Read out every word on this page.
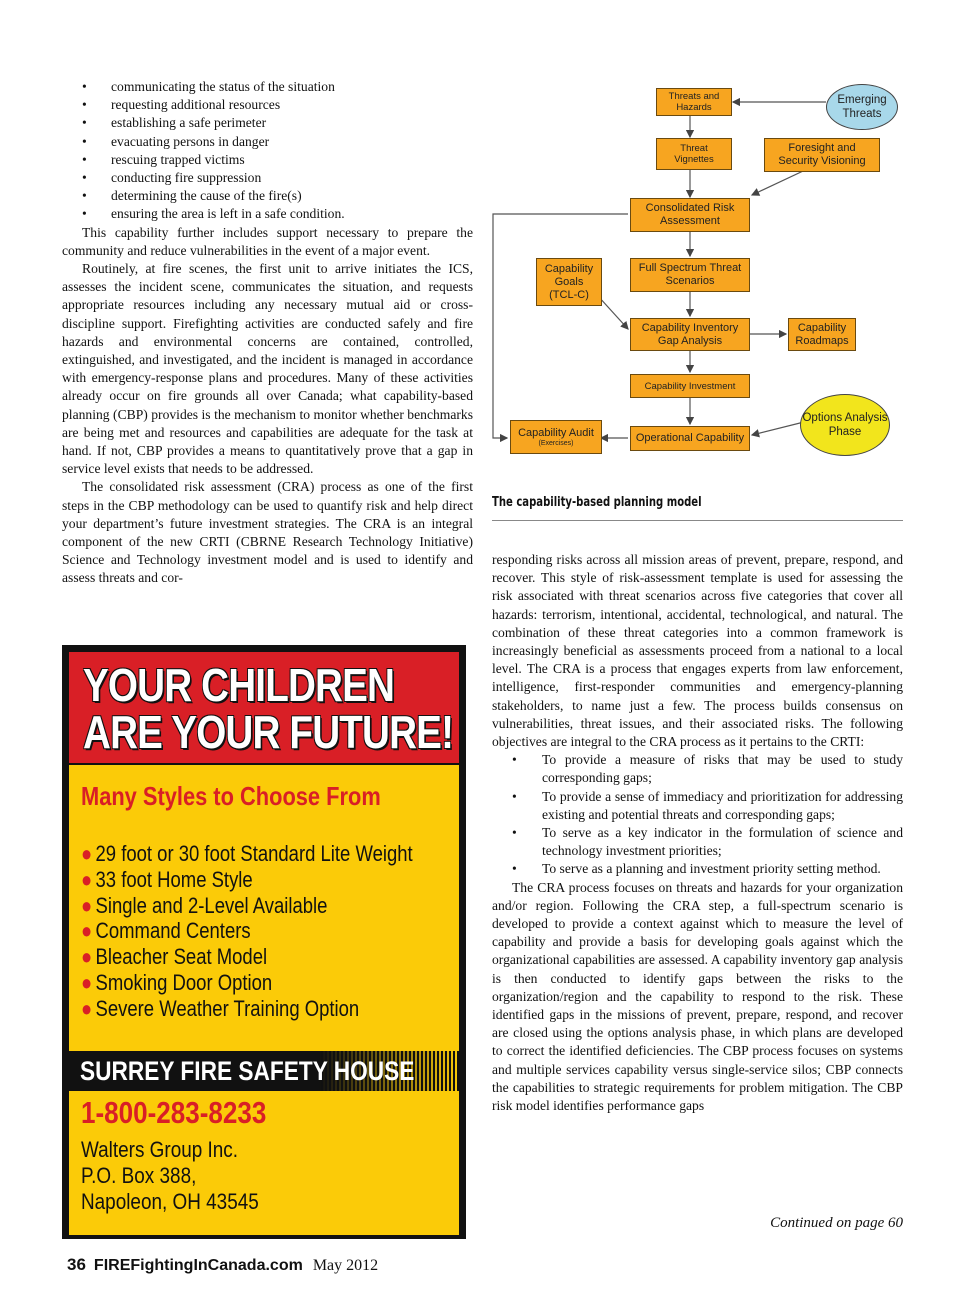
• communicating the status of the situation
• requesting additional resources
• establishing a safe perimeter
• evacuating persons in danger
• rescuing trapped victims
• conducting fire suppression
• determining the cause of the fire(s)
• ensuring the area is left in a safe condition.

This capability further includes support necessary to prepare the community and reduce vulnerabilities in the event of a major event.

Routinely, at fire scenes, the first unit to arrive initiates the ICS, assesses the incident scene, communicates the situation, and requests appropriate resources including any necessary mutual aid or cross-discipline support. Firefighting activities are conducted safely and fire hazards and environmental concerns are contained, controlled, extinguished, and investigated, and the incident is managed in accordance with emergency-response plans and procedures. Many of these activities already occur on fire grounds all over Canada; what capability-based planning (CBP) provides is the mechanism to monitor whether benchmarks are being met and resources and capabilities are adequate for the task at hand. If not, CBP provides a means to quantitatively prove that a gap in service level exists that needs to be addressed.

The consolidated risk assessment (CRA) process as one of the first steps in the CBP methodology can be used to quantify risk and help direct your department’s future investment strategies. The CRA is an integral component of the new CRTI (CBRNE Research Technology Initiative) Science and Technology investment model and is used to identify and assess threats and cor-

Threats and Hazards
Emerging Threats
Threat Vignettes
Foresight and Security Visioning
Consolidated Risk Assessment
Capability Goals (TCL-C)
Full Spectrum Threat Scenarios
Capability Inventory Gap Analysis
Capability Roadmaps
Capability Investment
Options Analysis Phase
Capability Audit
(Exercises)	Operational Capability
The capability-based planning model

responding risks across all mission areas of prevent, prepare, respond, and recover. This style of risk-assessment template is used for assessing the risk associated with threat scenarios across five categories that cover all hazards: terrorism, intentional, accidental, technological, and natural. The combination of these threat categories into a common framework is increasingly beneficial as assessments proceed from a national to a local level. The CRA is a process that engages experts from law enforcement, intelligence, first-responder communities and emergency-planning stakeholders, to name just a few. The process builds consensus on vulnerabilities, threat issues, and their associated risks. The following objectives are integral to the CRA process as it pertains to the CRTI:

• To provide a measure of risks that may be used to study corresponding gaps;
• To provide a sense of immediacy and prioritization for addressing existing and potential threats and corresponding gaps;
• To serve as a key indicator in the formulation of science and technology investment priorities;
• To serve as a planning and investment priority setting method.

The CRA process focuses on threats and hazards for your organization and/or region. Following the CRA step, a full-spectrum scenario is developed to provide a context against which to measure the level of capability and provide a basis for developing goals against which the organizational capabilities are assessed. A capability inventory gap analysis is then conducted to identify gaps between the risks to the organization/region and the capability to respond to the risk. These identified gaps in the missions of prevent, prepare, respond, and recover are closed using the options analysis phase, in which plans are developed to correct the identified deficiencies. The CBP process focuses on systems and multiple services capability versus single-service silos; CBP connects the capabilities to strategic requirements for problem mitigation. The CBP risk model identifies performance gaps

Continued on page 60
YOUR CHILDREN
ARE YOUR FUTURE!
Many Styles to Choose From
● 29 foot or 30 foot Standard Lite Weight
● 33 foot Home Style
● Single and 2-Level Available
● Command Centers
● Bleacher Seat Model
● Smoking Door Option
● Severe Weather Training Option
SURREY FIRE SAFETY HOUSE
1-800-283-8233
Walters Group Inc.
P.O. Box 388,
Napoleon, OH 43545
36 FIREFightingInCanada.com May 2012
